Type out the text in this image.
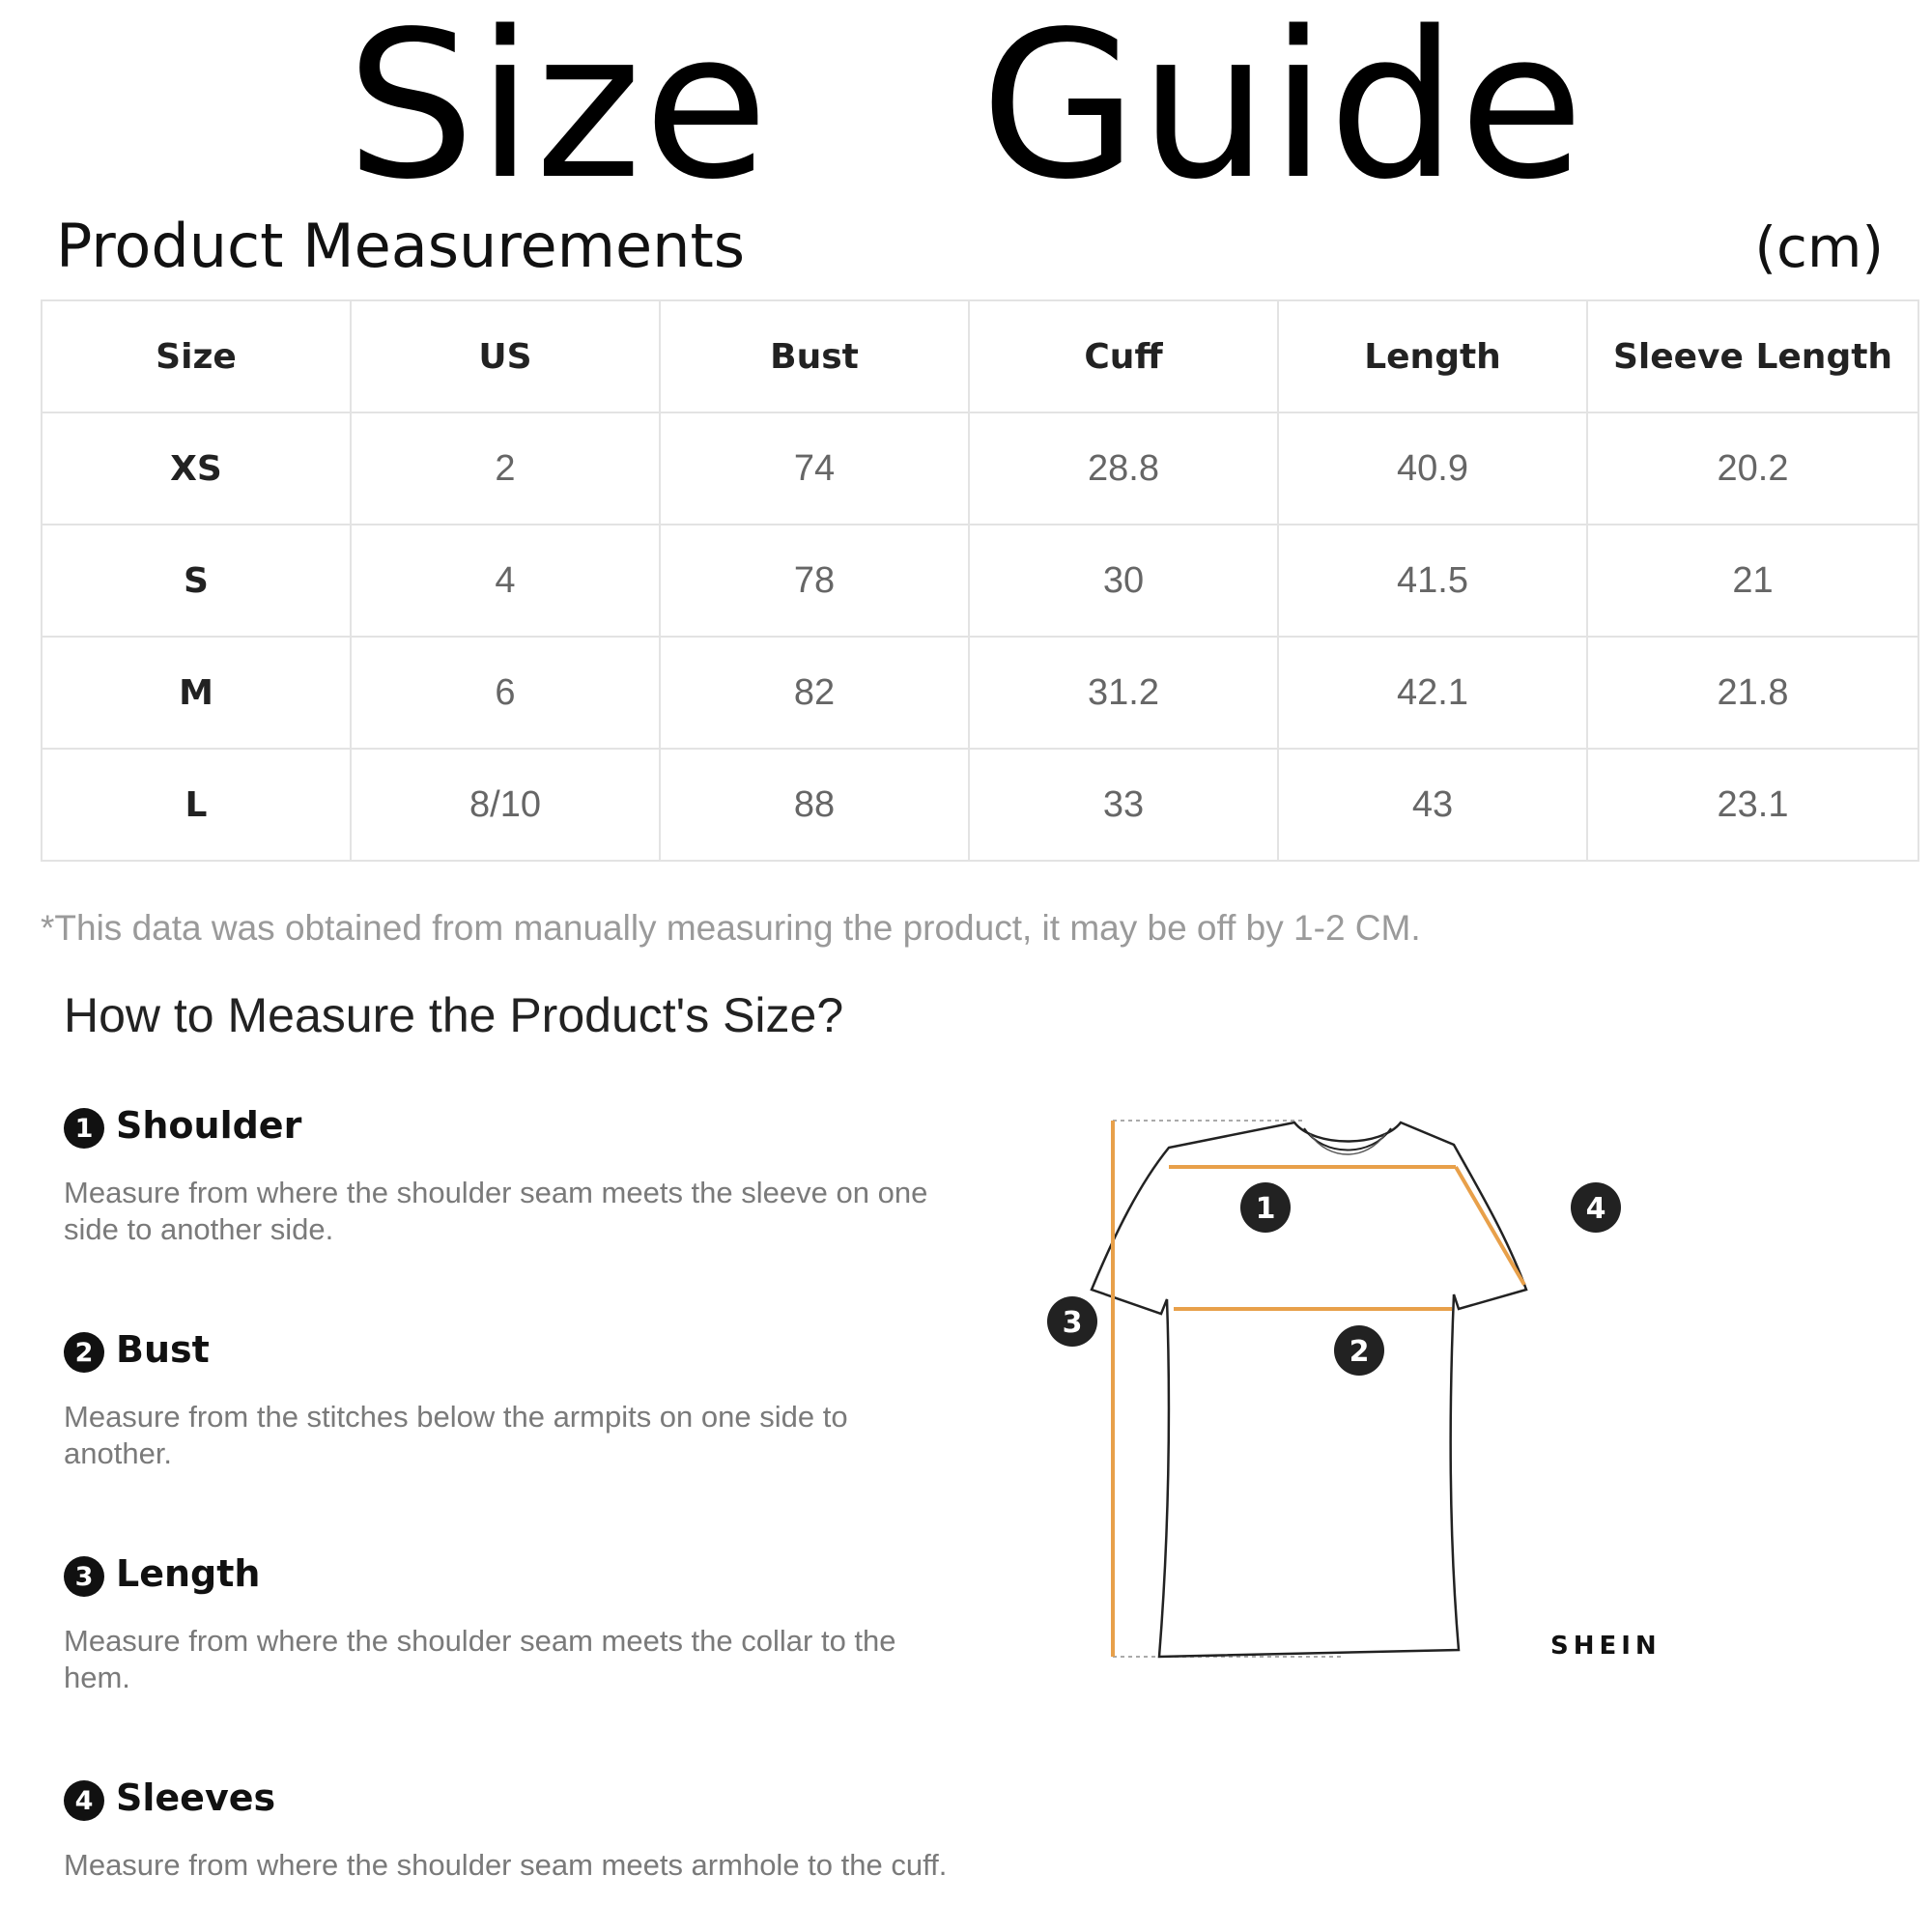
Size  Guide
Product Measurements	(cm)
Size	US	Bust	Cuff	Length	Sleeve Length
XS	2	74	28.8	40.9	20.2
S	4	78	30	41.5	21
M	6	82	31.2	42.1	21.8
L	8/10	88	33	43	23.1
*This data was obtained from manually measuring the product, it may be off by 1-2 CM.
How to Measure the Product's Size?
1 Shoulder
Measure from where the shoulder seam meets the sleeve on one side to another side.
2 Bust
Measure from the stitches below the armpits on one side to another.
3 Length
Measure from where the shoulder seam meets the collar to the hem.
4 Sleeves
Measure from where the shoulder seam meets armhole to the cuff.
1
2
3
4
SHEIN
